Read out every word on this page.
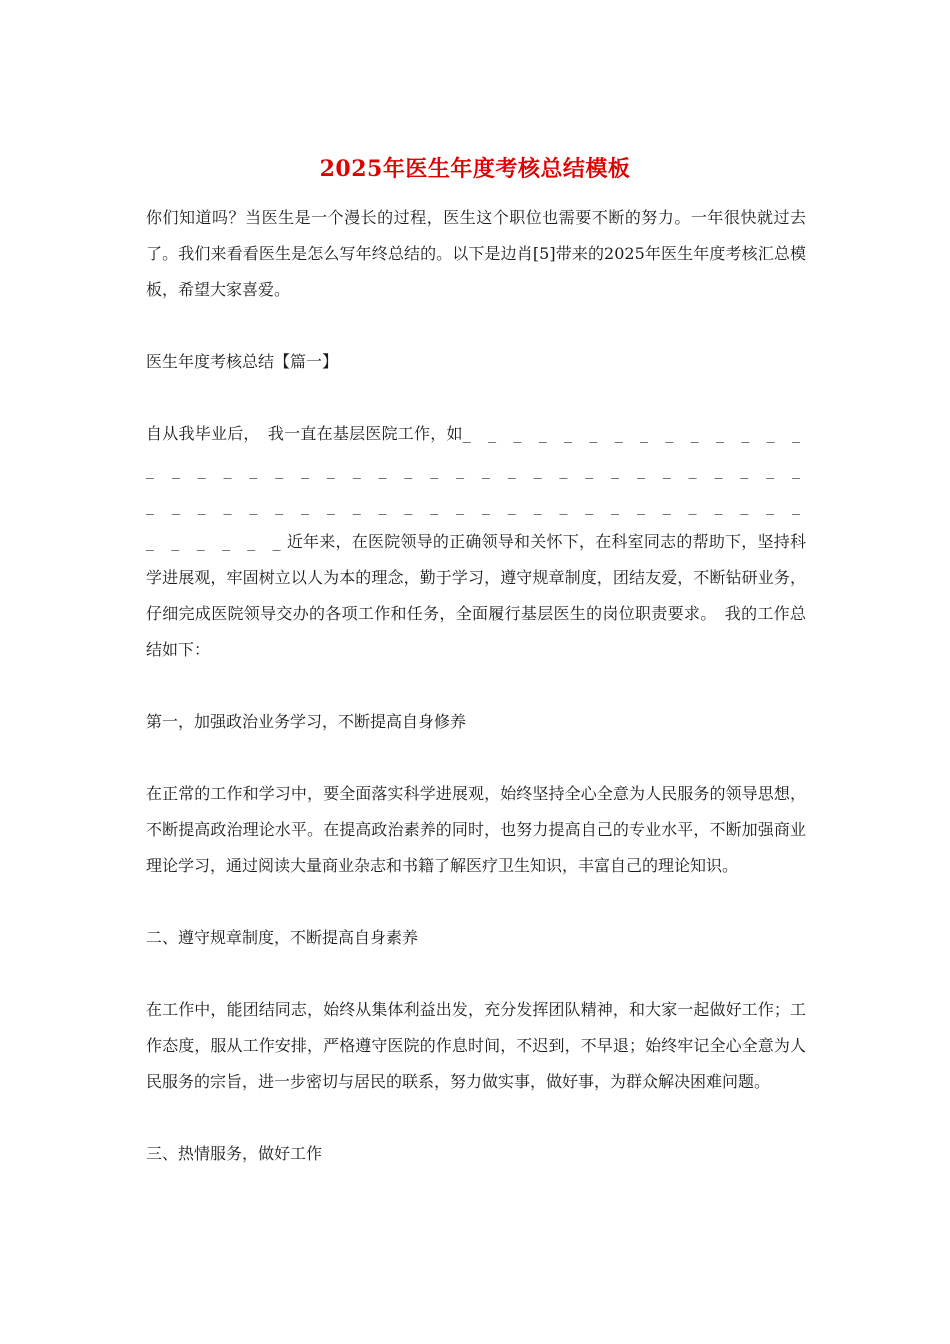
2025年医生年度考核总结模板

你们知道吗？当医生是一个漫长的过程，医生这个职位也需要不断的努力。一年很快就过去了。我们来看看医生是怎么写年终总结的。以下是边肖[5]带来的2025年医生年度考核汇总模板，希望大家喜爱。

医生年度考核总结【篇一】

自从我毕业后，　我一直在基层医院工作，如_ _ _ _ _ _ _ _ _ _ _ _ _ _ _ _ _ _ _ _ _ _ _ _ _ _ _ _ _ _ _ _ _ _ _ _ _ _ _ _ _ _ _ _ _ _ _ _ _ _ _ _ _ _ _ _ _ _ _ _ _ _ _ _ _ _ _ _ _ _ _ _近年来，在医院领导的正确领导和关怀下，在科室同志的帮助下，坚持科学进展观，牢固树立以人为本的理念，勤于学习，遵守规章制度，团结友爱，不断钻研业务，仔细完成医院领导交办的各项工作和任务，全面履行基层医生的岗位职责要求。　我的工作总结如下：

第一，加强政治业务学习，不断提高自身修养

在正常的工作和学习中，要全面落实科学进展观，始终坚持全心全意为人民服务的领导思想，不断提高政治理论水平。在提高政治素养的同时，也努力提高自己的专业水平，不断加强商业理论学习，通过阅读大量商业杂志和书籍了解医疗卫生知识，丰富自己的理论知识。

二、遵守规章制度，不断提高自身素养

在工作中，能团结同志，始终从集体利益出发，充分发挥团队精神，和大家一起做好工作；工作态度，服从工作安排，严格遵守医院的作息时间，不迟到，不早退；始终牢记全心全意为人民服务的宗旨，进一步密切与居民的联系，努力做实事，做好事，为群众解决困难问题。

三、热情服务，做好工作
